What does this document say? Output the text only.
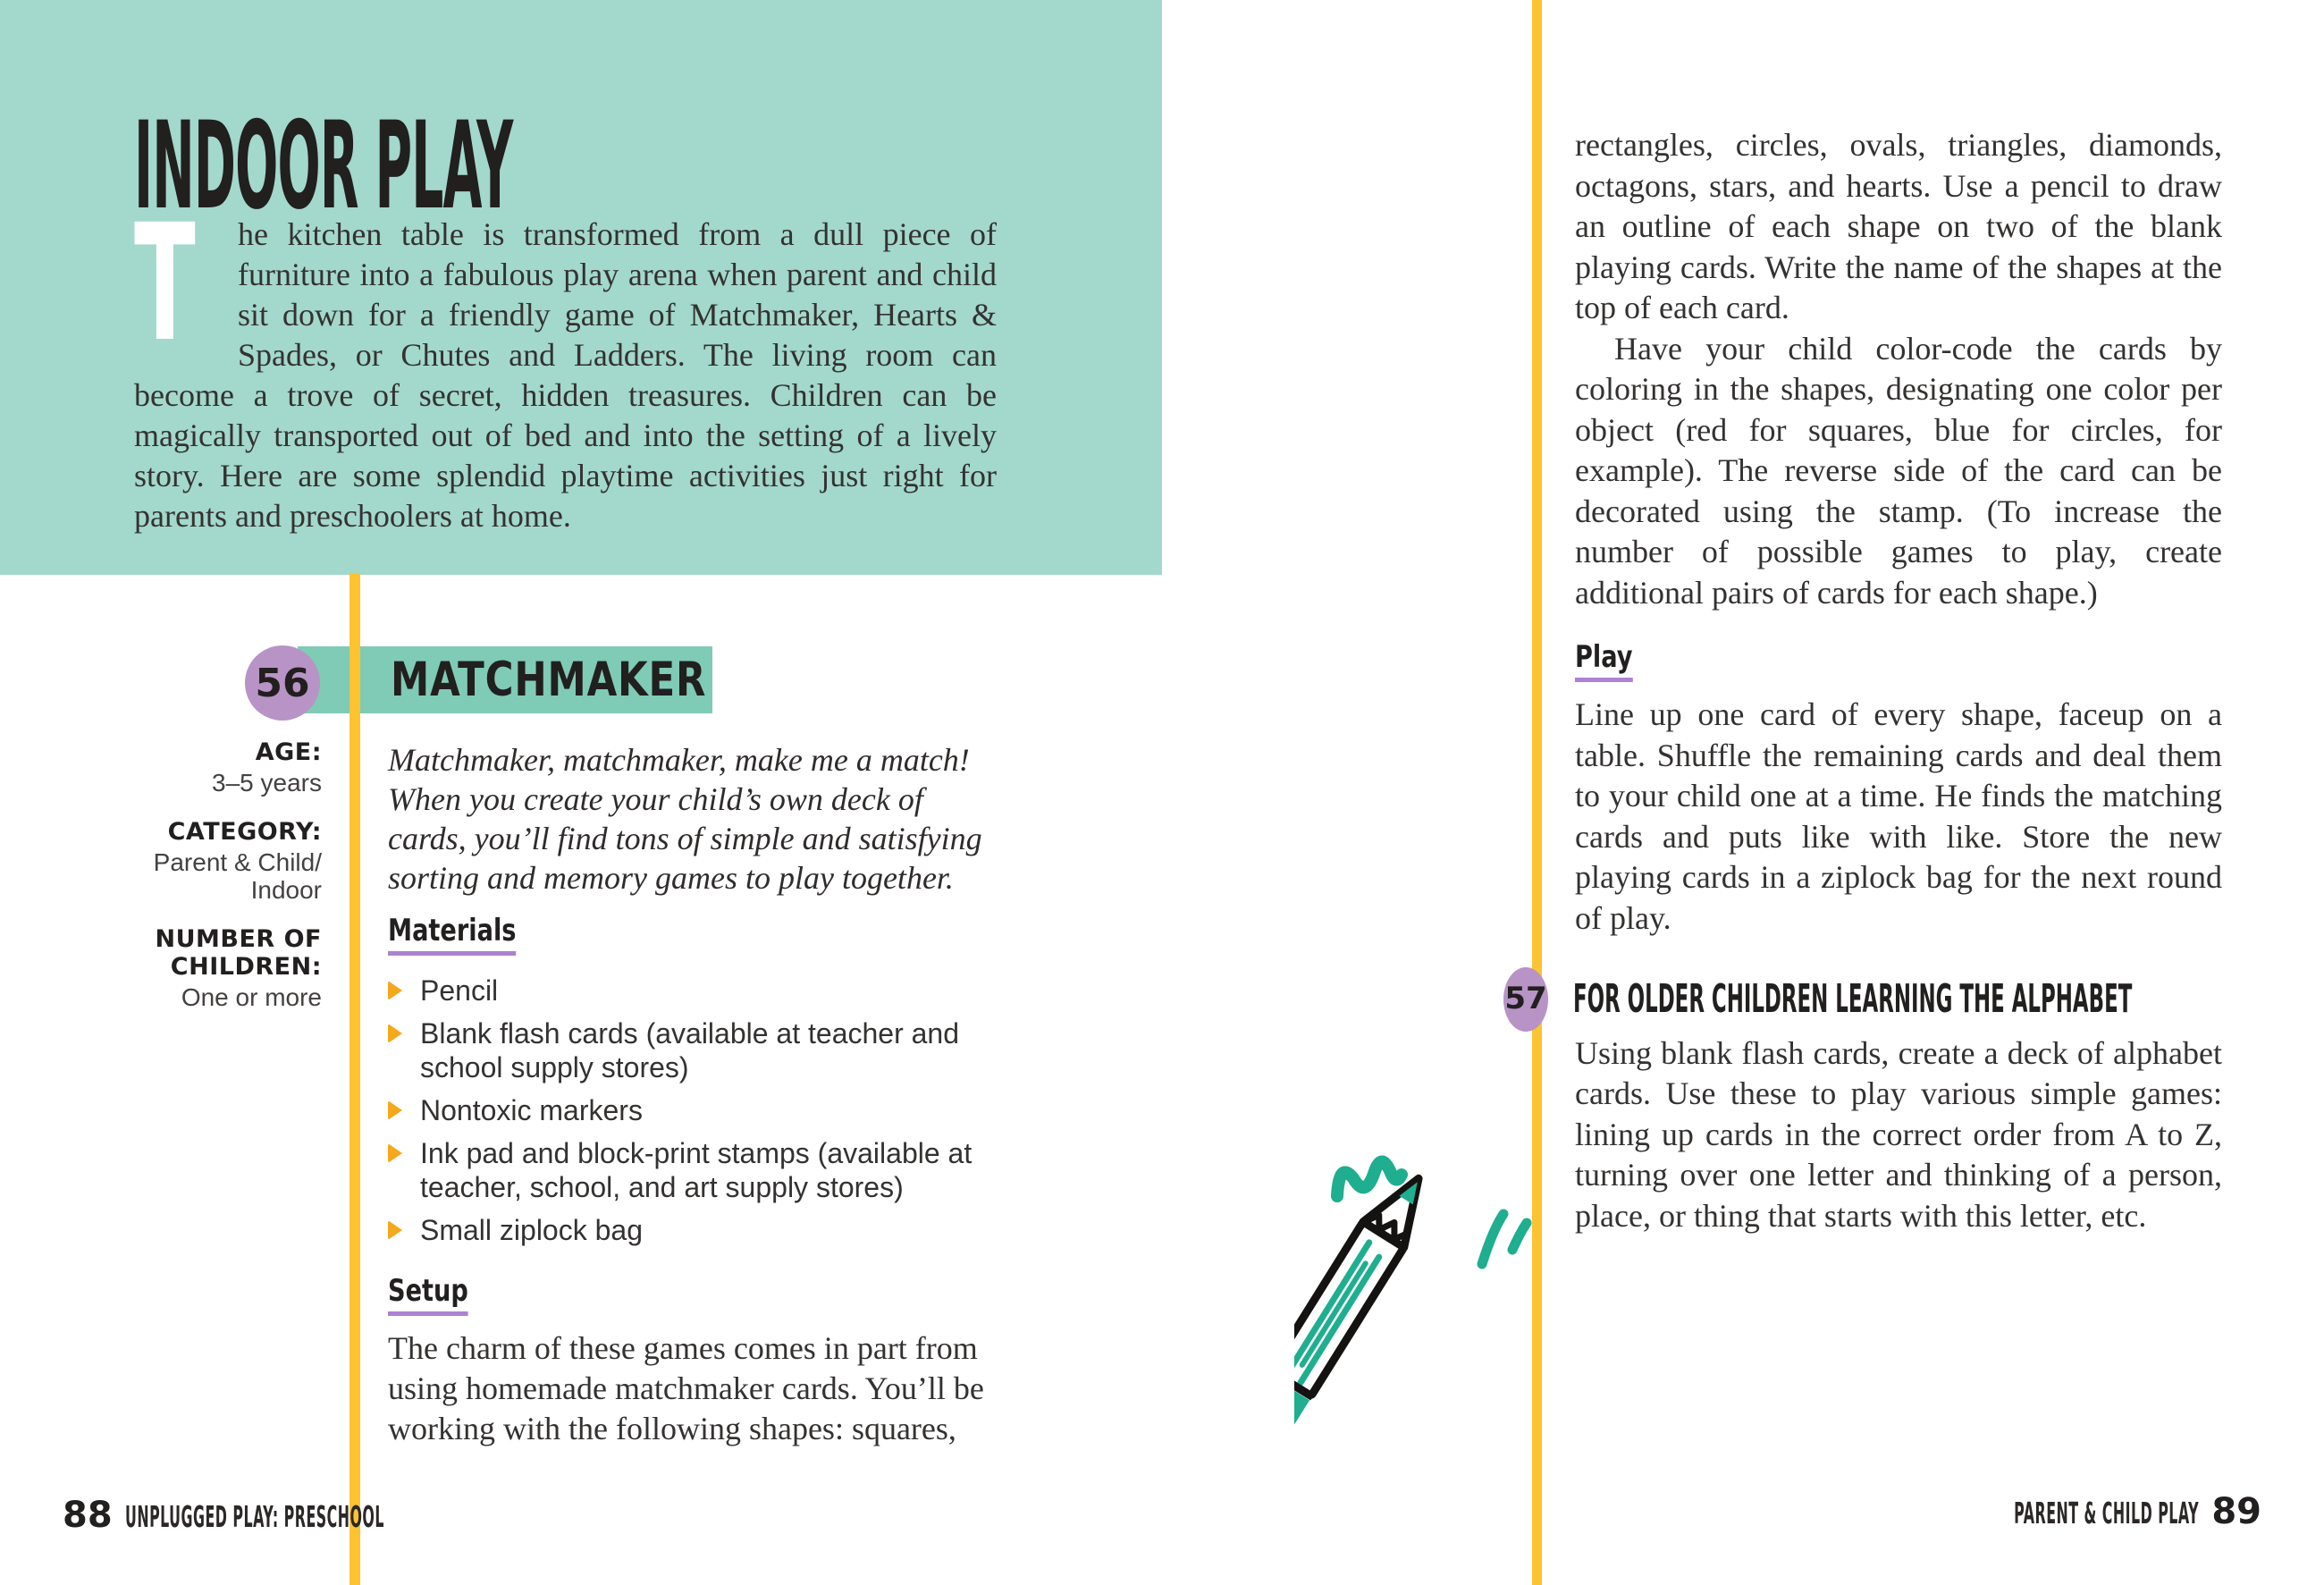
INDOOR PLAY
T he kitchen table is transformed from a dull piece of furniture into a fabulous play arena when parent and child sit down for a friendly game of Matchmaker, Hearts & Spades, or Chutes and Ladders. The living room can become a trove of secret, hidden treasures. Children can be magically transported out of bed and into the setting of a lively story. Here are some splendid playtime activities just right for parents and preschoolers at home.
MATCHMAKER
56
AGE:
3–5 years
CATEGORY:
Parent & Child/ Indoor
NUMBER OF CHILDREN:
One or more

Matchmaker, matchmaker, make me a match! When you create your child’s own deck of cards, you’ll find tons of simple and satisfying sorting and memory games to play together.

Materials
Pencil
Blank flash cards (available at teacher and school supply stores)
Nontoxic markers
Ink pad and block-print stamps (available at teacher, school, and art supply stores)
Small ziplock bag
Setup

The charm of these games comes in part from using homemade matchmaker cards. You’ll be working with the following shapes: squares,

88 UNPLUGGED PLAY: PRESCHOOL

rectangles, circles, ovals, triangles, diamonds, octagons, stars, and hearts. Use a pencil to draw an outline of each shape on two of the blank playing cards. Write the name of the shapes at the top of each card.

Have your child color-code the cards by coloring in the shapes, designating one color per object (red for squares, blue for circles, for example). The reverse side of the card can be decorated using the stamp. (To increase the number of possible games to play, create additional pairs of cards for each shape.)

Play

Line up one card of every shape, faceup on a table. Shuffle the remaining cards and deal them to your child one at a time. He finds the matching cards and puts like with like. Store the new playing cards in a ziplock bag for the next round of play.

57 FOR OLDER CHILDREN LEARNING THE ALPHABET

Using blank flash cards, create a deck of alphabet cards. Use these to play various simple games: lining up cards in the correct order from A to Z, turning over one letter and thinking of a person, place, or thing that starts with this letter, etc.

PARENT & CHILD PLAY 89
